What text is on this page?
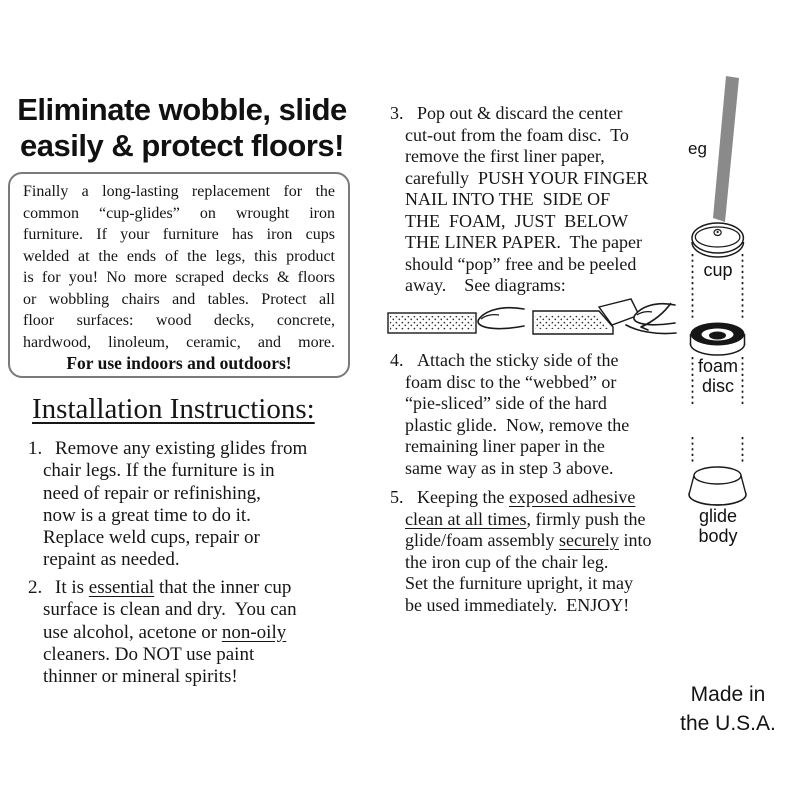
Eliminate wobble, slide
easily & protect floors!
Finally a long-lasting replacement for the
common “cup-glides” on wrought iron
furniture. If your furniture has iron cups
welded at the ends of the legs, this product
is for you! No more scraped decks & floors
or wobbling chairs and tables. Protect all
floor surfaces: wood decks, concrete,
hardwood, linoleum, ceramic, and more.
For use indoors and outdoors!
Installation Instructions:
1. Remove any existing glides from
chair legs. If the furniture is in
need of repair or refinishing,
now is a great time to do it.
Replace weld cups, repair or
repaint as needed.
2. It is essential that the inner cup
surface is clean and dry.  You can
use alcohol, acetone or non-oily
cleaners. Do NOT use paint
thinner or mineral spirits!
3. Pop out & discard the center
cut-out from the foam disc.  To
remove the first liner paper,
carefully  PUSH YOUR FINGER
NAIL INTO THE  SIDE OF
THE  FOAM,  JUST  BELOW
THE LINER PAPER.  The paper
should “pop” free and be peeled
away.    See diagrams:
4. Attach the sticky side of the
foam disc to the “webbed” or
“pie-sliced” side of the hard
plastic glide.  Now, remove the
remaining liner paper in the
same way as in step 3 above.
5. Keeping the exposed adhesive
clean at all times, firmly push the
glide/foam assembly securely into
the iron cup of the chair leg.
Set the furniture upright, it may
be used immediately.  ENJOY!
eg
cup
foam disc
glide body
Made in
the U.S.A.
